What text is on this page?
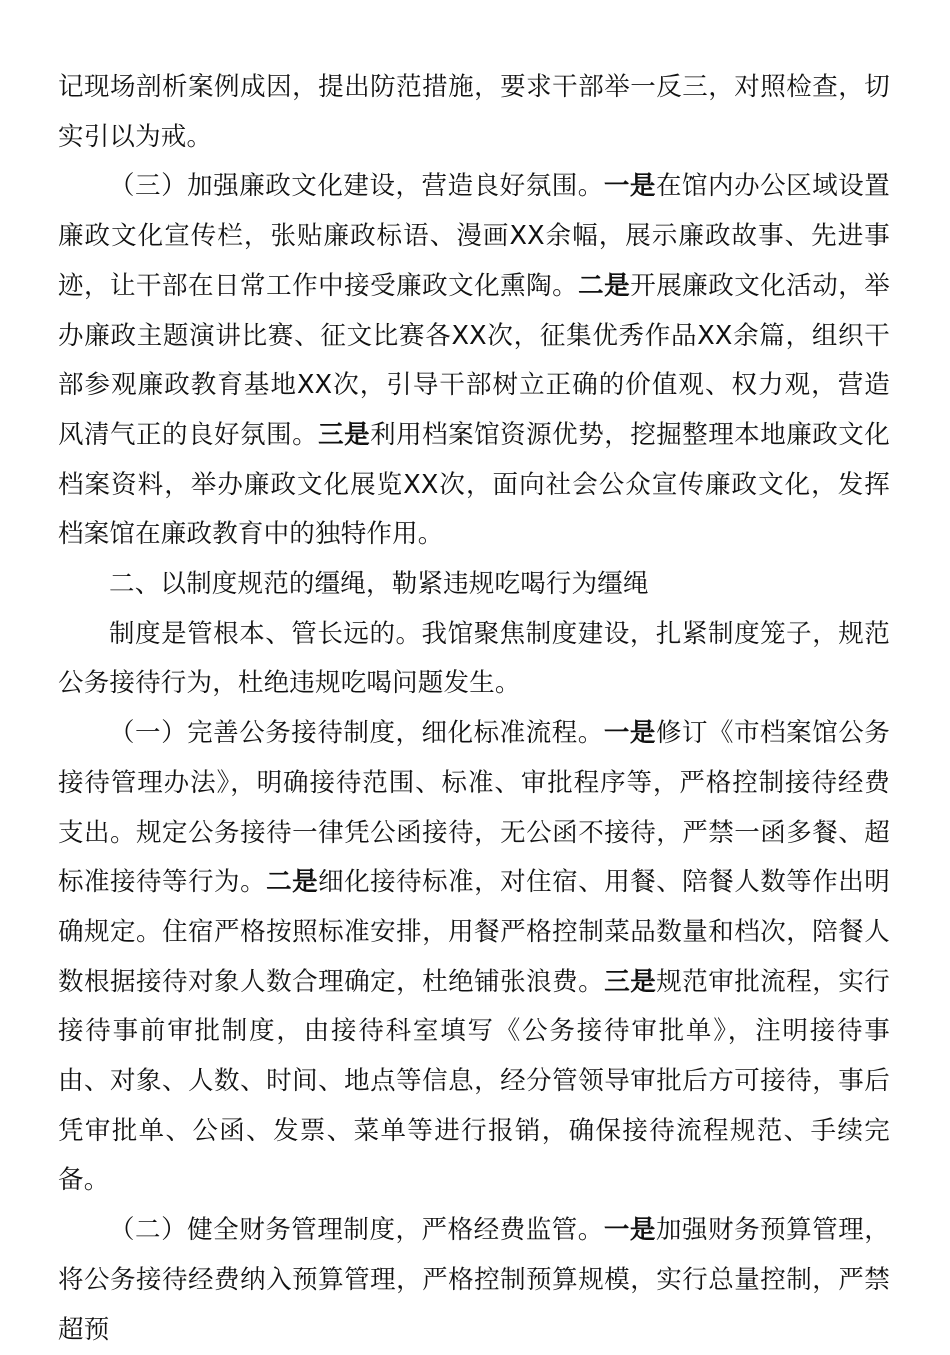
记现场剖析案例成因，提出防范措施，要求干部举一反三，对照检查，切实引以为戒。

（三）加强廉政文化建设，营造良好氛围。一是在馆内办公区域设置廉政文化宣传栏，张贴廉政标语、漫画XX余幅，展示廉政故事、先进事迹，让干部在日常工作中接受廉政文化熏陶。二是开展廉政文化活动，举办廉政主题演讲比赛、征文比赛各XX次，征集优秀作品XX余篇，组织干部参观廉政教育基地XX次，引导干部树立正确的价值观、权力观，营造风清气正的良好氛围。三是利用档案馆资源优势，挖掘整理本地廉政文化档案资料，举办廉政文化展览XX次，面向社会公众宣传廉政文化，发挥档案馆在廉政教育中的独特作用。

二、以制度规范的缰绳，勒紧违规吃喝行为缰绳

制度是管根本、管长远的。我馆聚焦制度建设，扎紧制度笼子，规范公务接待行为，杜绝违规吃喝问题发生。

（一）完善公务接待制度，细化标准流程。一是修订《市档案馆公务接待管理办法》，明确接待范围、标准、审批程序等，严格控制接待经费支出。规定公务接待一律凭公函接待，无公函不接待，严禁一函多餐、超标准接待等行为。二是细化接待标准，对住宿、用餐、陪餐人数等作出明确规定。住宿严格按照标准安排，用餐严格控制菜品数量和档次，陪餐人数根据接待对象人数合理确定，杜绝铺张浪费。三是规范审批流程，实行接待事前审批制度，由接待科室填写《公务接待审批单》，注明接待事由、对象、人数、时间、地点等信息，经分管领导审批后方可接待，事后凭审批单、公函、发票、菜单等进行报销，确保接待流程规范、手续完备。

（二）健全财务管理制度，严格经费监管。一是加强财务预算管理，将公务接待经费纳入预算管理，严格控制预算规模，实行总量控制，严禁超预
